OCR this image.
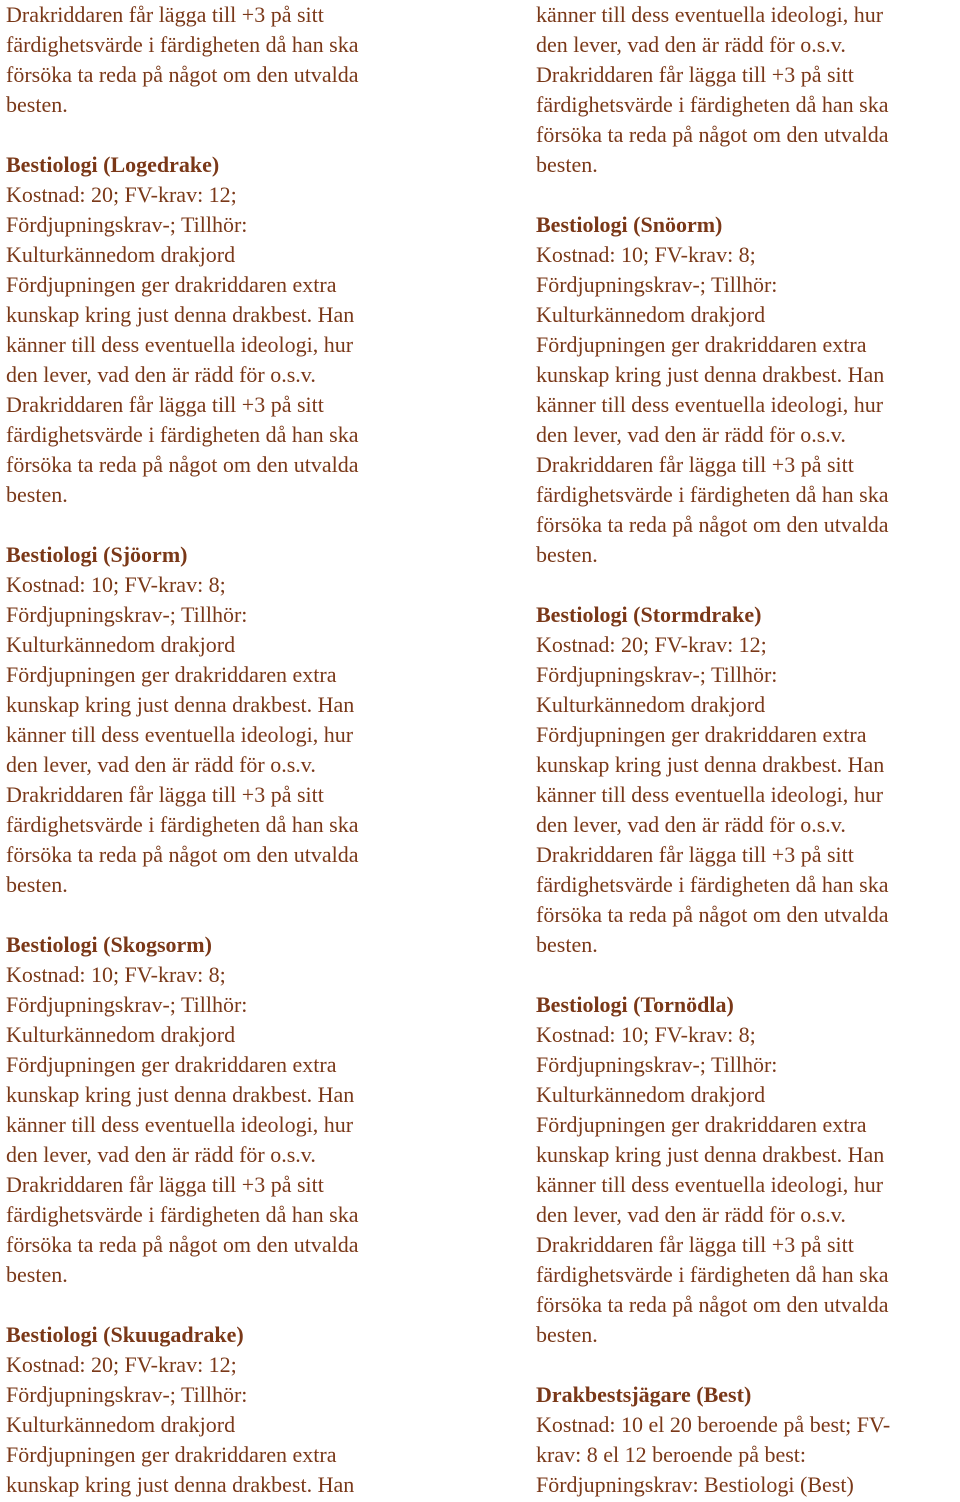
Drakriddaren får lägga till +3 på sitt
färdighetsvärde i färdigheten då han ska
försöka ta reda på något om den utvalda
besten.
Bestiologi (Logedrake)
Kostnad: 20; FV-krav: 12;
Fördjupningskrav-; Tillhör:
Kulturkännedom drakjord
Fördjupningen ger drakriddaren extra
kunskap kring just denna drakbest. Han
känner till dess eventuella ideologi, hur
den lever, vad den är rädd för o.s.v.
Drakriddaren får lägga till +3 på sitt
färdighetsvärde i färdigheten då han ska
försöka ta reda på något om den utvalda
besten.
Bestiologi (Sjöorm)
Kostnad: 10; FV-krav: 8;
Fördjupningskrav-; Tillhör:
Kulturkännedom drakjord
Fördjupningen ger drakriddaren extra
kunskap kring just denna drakbest. Han
känner till dess eventuella ideologi, hur
den lever, vad den är rädd för o.s.v.
Drakriddaren får lägga till +3 på sitt
färdighetsvärde i färdigheten då han ska
försöka ta reda på något om den utvalda
besten.
Bestiologi (Skogsorm)
Kostnad: 10; FV-krav: 8;
Fördjupningskrav-; Tillhör:
Kulturkännedom drakjord
Fördjupningen ger drakriddaren extra
kunskap kring just denna drakbest. Han
känner till dess eventuella ideologi, hur
den lever, vad den är rädd för o.s.v.
Drakriddaren får lägga till +3 på sitt
färdighetsvärde i färdigheten då han ska
försöka ta reda på något om den utvalda
besten.
Bestiologi (Skuugadrake)
Kostnad: 20; FV-krav: 12;
Fördjupningskrav-; Tillhör:
Kulturkännedom drakjord
Fördjupningen ger drakriddaren extra
kunskap kring just denna drakbest. Han
känner till dess eventuella ideologi, hur
den lever, vad den är rädd för o.s.v.
Drakriddaren får lägga till +3 på sitt
färdighetsvärde i färdigheten då han ska
försöka ta reda på något om den utvalda
besten.
Bestiologi (Snöorm)
Kostnad: 10; FV-krav: 8;
Fördjupningskrav-; Tillhör:
Kulturkännedom drakjord
Fördjupningen ger drakriddaren extra
kunskap kring just denna drakbest. Han
känner till dess eventuella ideologi, hur
den lever, vad den är rädd för o.s.v.
Drakriddaren får lägga till +3 på sitt
färdighetsvärde i färdigheten då han ska
försöka ta reda på något om den utvalda
besten.
Bestiologi (Stormdrake)
Kostnad: 20; FV-krav: 12;
Fördjupningskrav-; Tillhör:
Kulturkännedom drakjord
Fördjupningen ger drakriddaren extra
kunskap kring just denna drakbest. Han
känner till dess eventuella ideologi, hur
den lever, vad den är rädd för o.s.v.
Drakriddaren får lägga till +3 på sitt
färdighetsvärde i färdigheten då han ska
försöka ta reda på något om den utvalda
besten.
Bestiologi (Tornödla)
Kostnad: 10; FV-krav: 8;
Fördjupningskrav-; Tillhör:
Kulturkännedom drakjord
Fördjupningen ger drakriddaren extra
kunskap kring just denna drakbest. Han
känner till dess eventuella ideologi, hur
den lever, vad den är rädd för o.s.v.
Drakriddaren får lägga till +3 på sitt
färdighetsvärde i färdigheten då han ska
försöka ta reda på något om den utvalda
besten.
Drakbestsjägare (Best)
Kostnad: 10 el 20 beroende på best; FV-
krav: 8 el 12 beroende på best:
Fördjupningskrav: Bestiologi (Best)
